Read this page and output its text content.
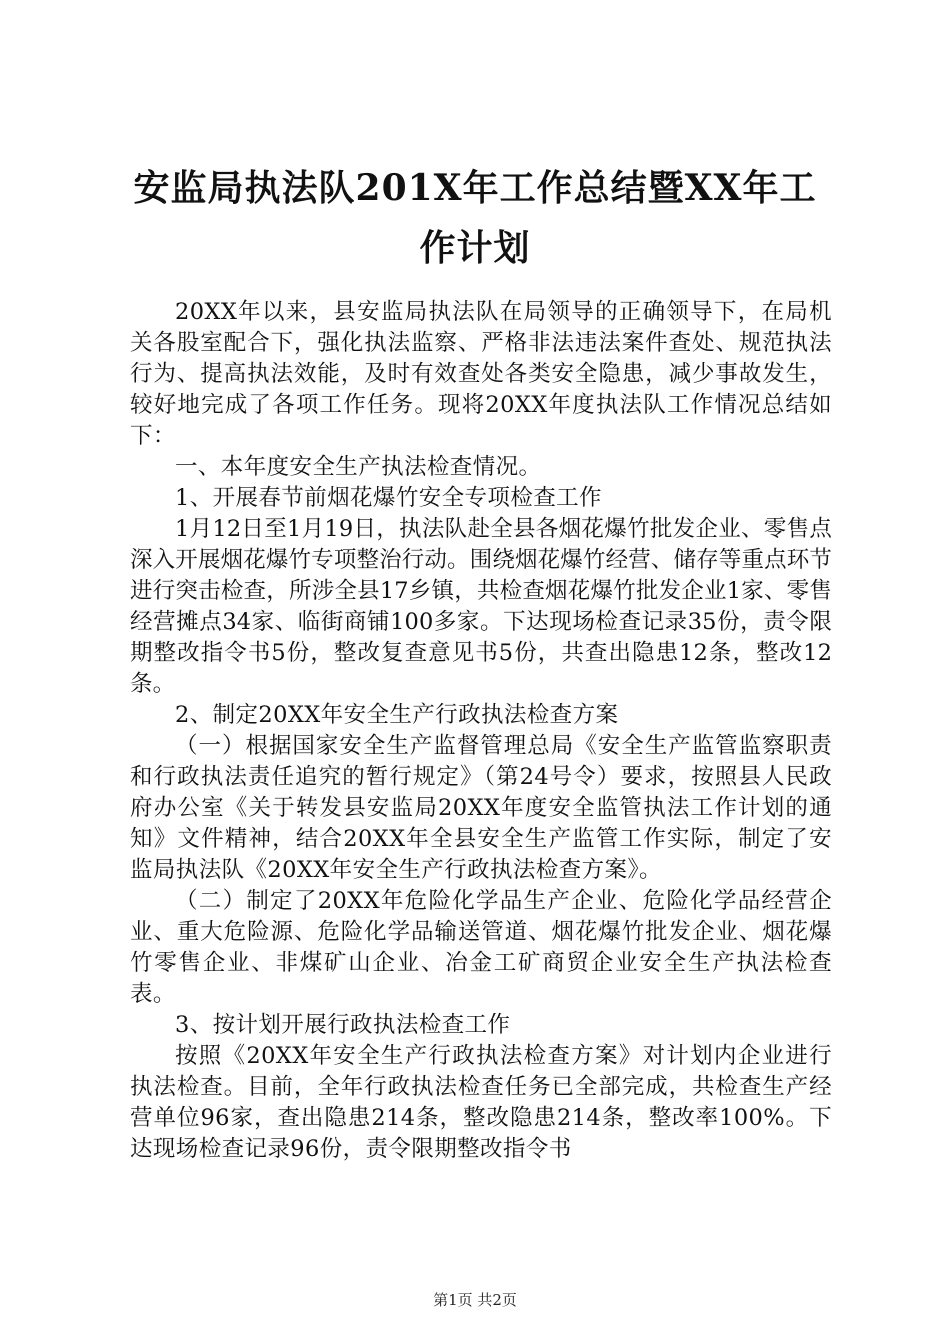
安监局执法队201X年工作总结暨XX年工作计划

20XX年以来，县安监局执法队在局领导的正确领导下，在局机关各股室配合下，强化执法监察、严格非法违法案件查处、规范执法行为、提高执法效能，及时有效查处各类安全隐患，减少事故发生，较好地完成了各项工作任务。现将20XX年度执法队工作情况总结如下：

一、本年度安全生产执法检查情况。

1、开展春节前烟花爆竹安全专项检查工作

1月12日至1月19日，执法队赴全县各烟花爆竹批发企业、零售点深入开展烟花爆竹专项整治行动。围绕烟花爆竹经营、储存等重点环节进行突击检查，所涉全县17乡镇，共检查烟花爆竹批发企业1家、零售经营摊点34家、临街商铺100多家。下达现场检查记录35份，责令限期整改指令书5份，整改复查意见书5份，共查出隐患12条，整改12条。

2、制定20XX年安全生产行政执法检查方案

（一）根据国家安全生产监督管理总局《安全生产监管监察职责和行政执法责任追究的暂行规定》（第24号令）要求，按照县人民政府办公室《关于转发县安监局20XX年度安全监管执法工作计划的通知》文件精神，结合20XX年全县安全生产监管工作实际，制定了安监局执法队《20XX年安全生产行政执法检查方案》。

（二）制定了20XX年危险化学品生产企业、危险化学品经营企业、重大危险源、危险化学品输送管道、烟花爆竹批发企业、烟花爆竹零售企业、非煤矿山企业、冶金工矿商贸企业安全生产执法检查表。

3、按计划开展行政执法检查工作

按照《20XX年安全生产行政执法检查方案》对计划内企业进行执法检查。目前，全年行政执法检查任务已全部完成，共检查生产经营单位96家，查出隐患214条，整改隐患214条，整改率100%。下达现场检查记录96份，责令限期整改指令书

第1页 共2页
